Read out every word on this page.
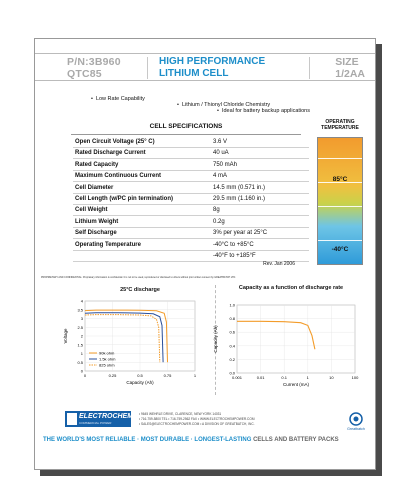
P/N:3B960
QTC85
HIGH PERFORMANCE
LITHIUM CELL
SIZE
1/2AA
• Low Rate Capability
• Lithium / Thionyl Chloride Chemistry
• Ideal for battery backup applications
CELL SPECIFICATIONS
Open Circuit Voltage (25° C)	3.6 V
Rated Discharge Current	40 uA
Rated Capacity	750 mAh
Maximum Continuous Current	4 mA
Cell Diameter	14.5 mm (0.571 in.)
Cell Length (w/PC pin termination)	29.5 mm (1.160 in.)
Cell Weight	8g
Lithium Weight	0.2g
Self Discharge	3% per year at 25°C
Operating Temperature	-40°C to +85°C
-40°F to +185°F
Rev. Jan 2006
PROPRIETARY AND CONFIDENTIAL: Proprietary information is confidential. It is not to be used, reproduced or disclosed to others without prior written consent by GREATBATCH LTD.
OPERATING
TEMPERATURE
85°C
-40°C
25°C discharge
0
0.5
1
1.5
2
2.5
3
3.5
4
0	0.25	0.5	0.75	1
90k ohm
1.5k ohm
825 ohm
Capacity (Ah)
Voltage
Capacity as a function of discharge rate
0.0
0.2
0.4
0.6
0.8
1.0
0.001	0.01	0.1	1	10	100
Current (mA)
Capacity (Ah)
ELECTROCHEM
COMMERCIAL POWER
• 9645 WEHRLE DRIVE, CLARENCE, NEW YORK 14031
• 716-759-5800 TEL • 716-759-2562 FAX • WWW.ELECTROCHEMPOWER.COM
• SALES@ELECTROCHEMPOWER.COM • A DIVISION OF GREATBATCH, INC.
Greatbatch
THE WORLD'S MOST RELIABLE · MOST DURABLE · LONGEST-LASTING CELLS AND BATTERY PACKS
